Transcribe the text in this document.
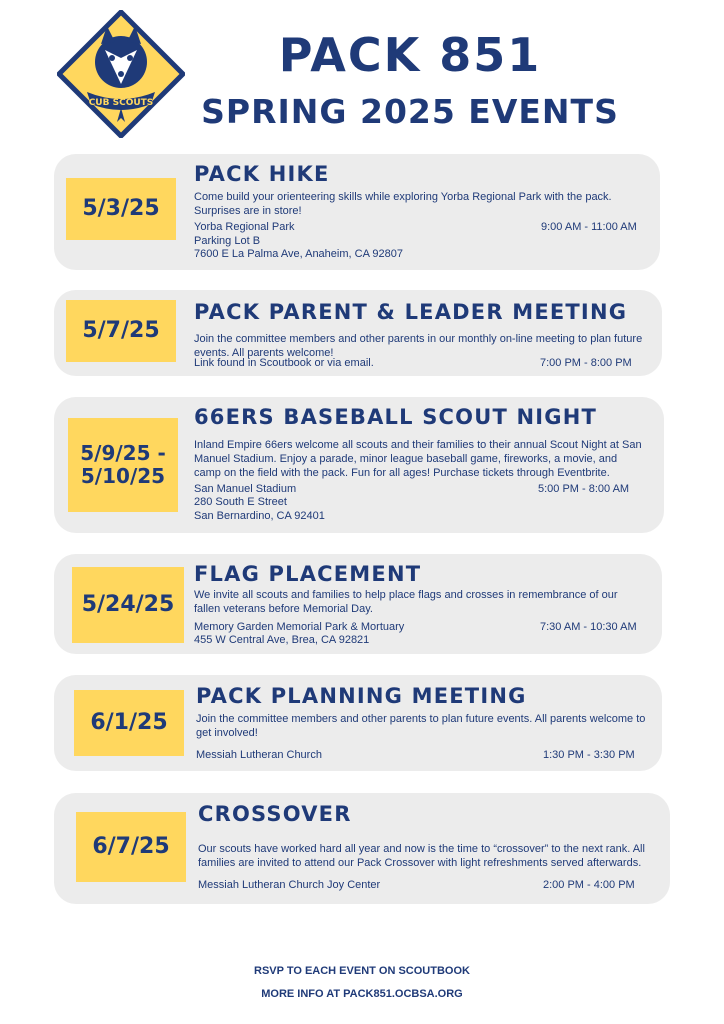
CUB SCOUTS
PACK 851
SPRING 2025 EVENTS
5/3/25
PACK HIKE
Come build your orienteering skills while exploring Yorba Regional Park with the pack. Surprises are in store!
Yorba Regional Park	9:00 AM - 11:00 AM
Parking Lot B
7600 E La Palma Ave, Anaheim, CA 92807
5/7/25
PACK PARENT & LEADER MEETING
Join the committee members and other parents in our monthly on-line meeting to plan future events. All parents welcome!
Link found in Scoutbook or via email.	7:00 PM - 8:00 PM
5/9/25 - 5/10/25
66ERS BASEBALL SCOUT NIGHT
Inland Empire 66ers welcome all scouts and their families to their annual Scout Night at San Manuel Stadium. Enjoy a parade, minor league baseball game, fireworks, a movie, and camp on the field with the pack. Fun for all ages! Purchase tickets through Eventbrite.
San Manuel Stadium	5:00 PM - 8:00 AM
280 South E Street
San Bernardino, CA 92401
5/24/25
FLAG PLACEMENT
We invite all scouts and families to help place flags and crosses in remembrance of our fallen veterans before Memorial Day.
Memory Garden Memorial Park & Mortuary	7:30 AM - 10:30 AM
455 W Central Ave, Brea, CA 92821
6/1/25
PACK PLANNING MEETING
Join the committee members and other parents to plan future events. All parents welcome to get involved!
Messiah Lutheran Church	1:30 PM - 3:30 PM
6/7/25
CROSSOVER
Our scouts have worked hard all year and now is the time to “crossover” to the next rank. All families are invited to attend our Pack Crossover with light refreshments served afterwards.
Messiah Lutheran Church Joy Center	2:00 PM - 4:00 PM
RSVP TO EACH EVENT ON SCOUTBOOK
MORE INFO AT PACK851.OCBSA.ORG
